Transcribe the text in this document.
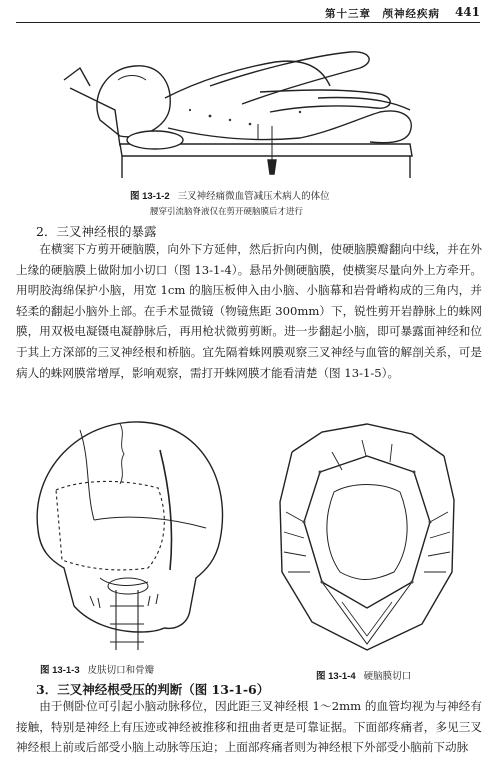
第十三章　颅神经疾病 441
图 13-1-2 三叉神经痛微血管减压术病人的体位
腰穿引流脑脊液仅在剪开硬脑膜后才进行
2．三叉神经根的暴露

在横窦下方剪开硬脑膜，向外下方延伸，然后折向内侧，使硬脑膜瓣翻向中线，并在外上缘的硬脑膜上做附加小切口（图 13-1-4）。悬吊外侧硬脑膜，使横窦尽量向外上方牵开。用明胶海绵保护小脑，用宽 1cm 的脑压板伸入由小脑、小脑幕和岩骨嵴构成的三角内，并轻柔的翻起小脑外上部。在手术显微镜（物镜焦距 300mm）下，锐性剪开岩静脉上的蛛网膜，用双极电凝镊电凝静脉后，再用枪状微剪剪断。进一步翻起小脑，即可暴露面神经和位于其上方深部的三叉神经根和桥脑。宜先隔着蛛网膜观察三叉神经与血管的解剖关系，可是病人的蛛网膜常增厚，影响观察，需打开蛛网膜才能看清楚（图 13-1-5）。

图 13-1-3 皮肤切口和骨瓣
图 13-1-4 硬脑膜切口
3．三叉神经根受压的判断（图 13-1-6）

由于侧卧位可引起小脑动脉移位，因此距三叉神经根 1～2mm 的血管均视为与神经有接触，特别是神经上有压迹或神经被推移和扭曲者更是可靠证据。下面部疼痛者，多见三叉神经根上前或后部受小脑上动脉等压迫；上面部疼痛者则为神经根下外部受小脑前下动脉
